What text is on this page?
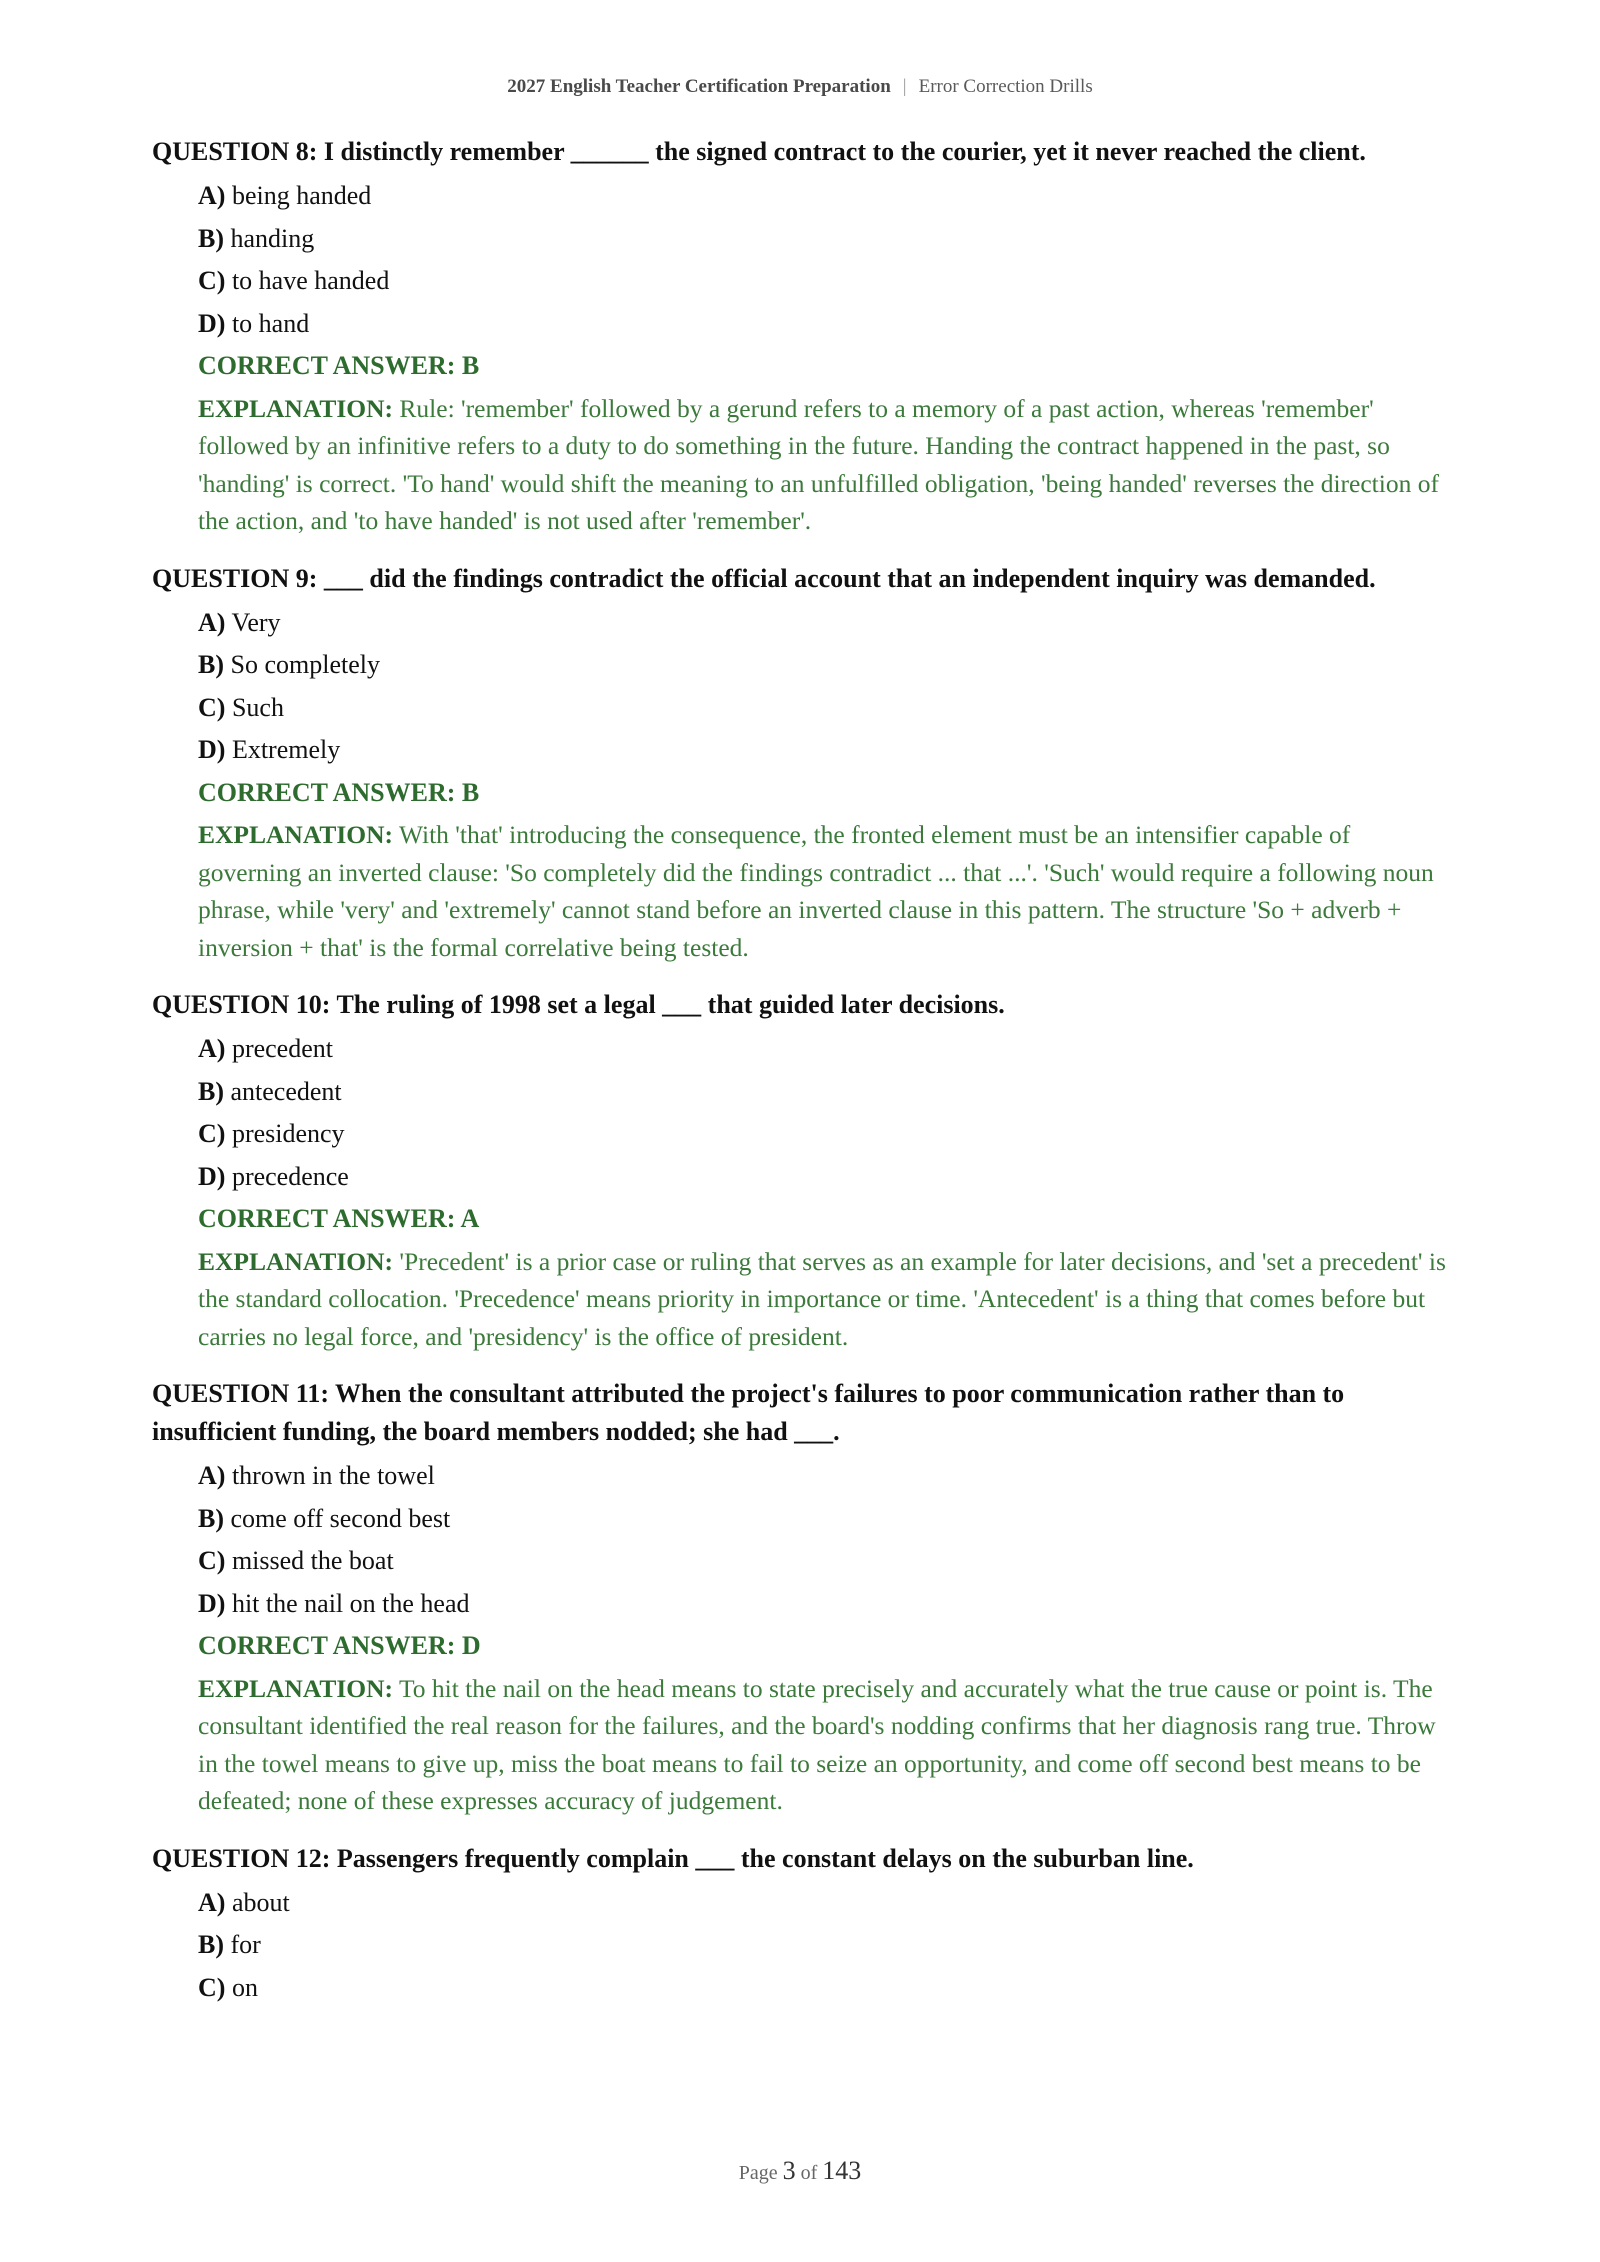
2027 English Teacher Certification Preparation | Error Correction Drills
QUESTION 8: I distinctly remember ______ the signed contract to the courier, yet it never reached the client.
A) being handed
B) handing
C) to have handed
D) to hand
CORRECT ANSWER: B
EXPLANATION: Rule: 'remember' followed by a gerund refers to a memory of a past action, whereas 'remember' followed by an infinitive refers to a duty to do something in the future. Handing the contract happened in the past, so 'handing' is correct. 'To hand' would shift the meaning to an unfulfilled obligation, 'being handed' reverses the direction of the action, and 'to have handed' is not used after 'remember'.
QUESTION 9: ___ did the findings contradict the official account that an independent inquiry was demanded.
A) Very
B) So completely
C) Such
D) Extremely
CORRECT ANSWER: B
EXPLANATION: With 'that' introducing the consequence, the fronted element must be an intensifier capable of governing an inverted clause: 'So completely did the findings contradict ... that ...'. 'Such' would require a following noun phrase, while 'very' and 'extremely' cannot stand before an inverted clause in this pattern. The structure 'So + adverb + inversion + that' is the formal correlative being tested.
QUESTION 10: The ruling of 1998 set a legal ___ that guided later decisions.
A) precedent
B) antecedent
C) presidency
D) precedence
CORRECT ANSWER: A
EXPLANATION: 'Precedent' is a prior case or ruling that serves as an example for later decisions, and 'set a precedent' is the standard collocation. 'Precedence' means priority in importance or time. 'Antecedent' is a thing that comes before but carries no legal force, and 'presidency' is the office of president.
QUESTION 11: When the consultant attributed the project's failures to poor communication rather than to insufficient funding, the board members nodded; she had ___.
A) thrown in the towel
B) come off second best
C) missed the boat
D) hit the nail on the head
CORRECT ANSWER: D
EXPLANATION: To hit the nail on the head means to state precisely and accurately what the true cause or point is. The consultant identified the real reason for the failures, and the board's nodding confirms that her diagnosis rang true. Throw in the towel means to give up, miss the boat means to fail to seize an opportunity, and come off second best means to be defeated; none of these expresses accuracy of judgement.
QUESTION 12: Passengers frequently complain ___ the constant delays on the suburban line.
A) about
B) for
C) on
Page 3 of 143
